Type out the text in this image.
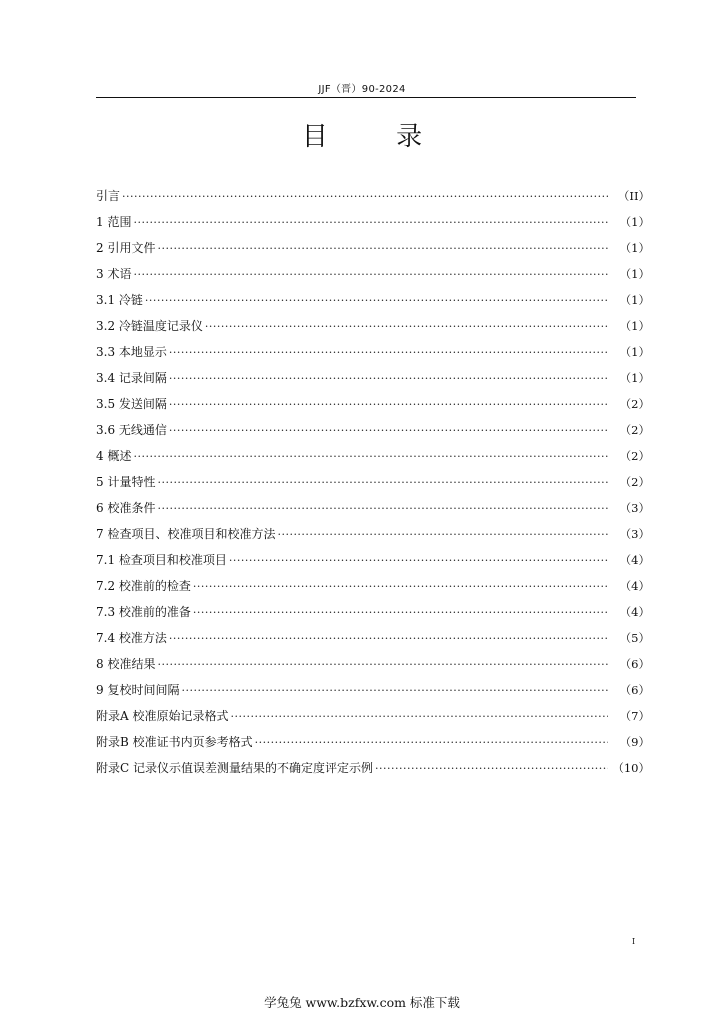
JJF（晋）90-2024
目 录
引言 ·····	（II）
1 范围 ·····	（1）
2 引用文件 ·····	（1）
3 术语 ·····	（1）
3.1 冷链 ·····	（1）
3.2 冷链温度记录仪 ·····	（1）
3.3 本地显示 ·····	（1）
3.4 记录间隔 ·····	（1）
3.5 发送间隔 ·····	（2）
3.6 无线通信 ·····	（2）
4 概述 ·····	（2）
5 计量特性 ·····	（2）
6 校准条件 ·····	（3）
7 检查项目、校准项目和校准方法 ·····	（3）
7.1 检查项目和校准项目 ·····	（4）
7.2 校准前的检查 ·····	（4）
7.3 校准前的准备 ·····	（4）
7.4 校准方法 ·····	（5）
8 校准结果 ·····	（6）
9 复校时间间隔 ·····	（6）
附录A 校准原始记录格式 ·····	（7）
附录B 校准证书内页参考格式 ·····	（9）
附录C 记录仪示值误差测量结果的不确定度评定示例 ·····	（10）
I
学兔兔 www.bzfxw.com 标准下载
